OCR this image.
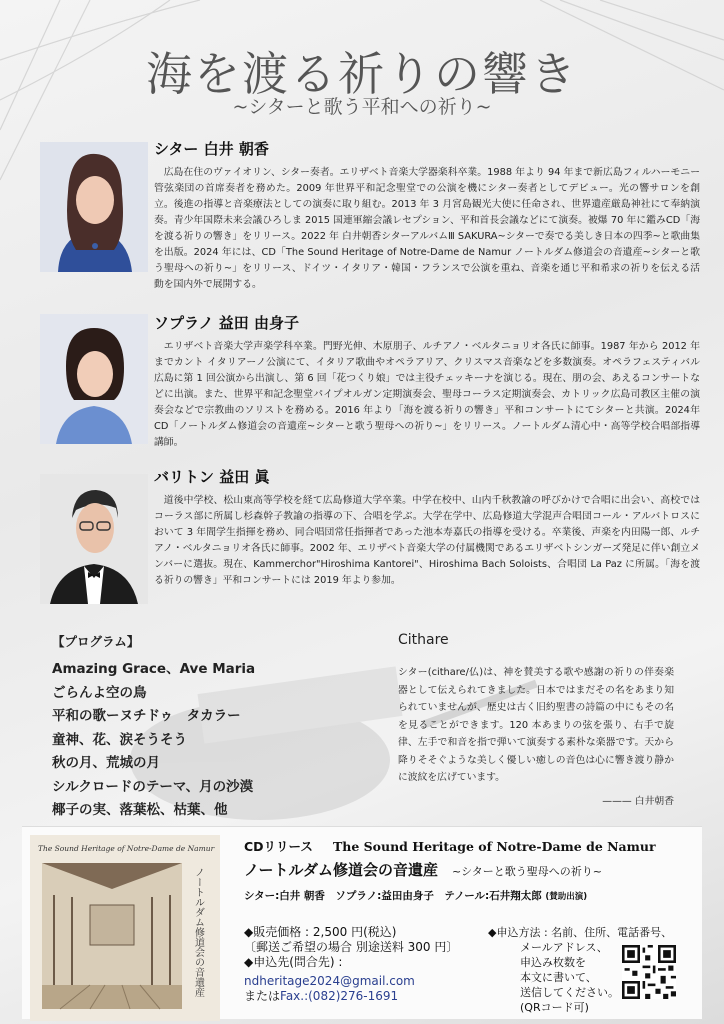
海を渡る祈りの響き
~シターと歌う平和への祈り~
シター 白井 朝香

広島在住のヴァイオリン、シター奏者。エリザベト音楽大学器楽科卒業。1988 年より 94 年まで新広島フィルハーモニー管弦楽団の首席奏者を務めた。2009 年世界平和記念聖堂での公演を機にシター奏者としてデビュー。光の響サロンを創立。後進の指導と音楽療法としての演奏に取り組む。2013 年 3 月宮島観光大使に任命され、世界遺産厳島神社にて奉納演奏。青少年国際未来会議ひろしま 2015 国連軍縮会議レセプション、平和首長会議などにて演奏。被爆 70 年に鑑みCD「海を渡る祈りの響き」をリリース。2022 年 白井朝香シターアルバムⅢ SAKURA~シターで奏でる美しき日本の四季~と歌曲集を出版。2024 年には、CD「The Sound Heritage of Notre-Dame de Namur ノートルダム修道会の音遺産~シターと歌う聖母への祈り~」をリリース、ドイツ・イタリア・韓国・フランスで公演を重ね、音楽を通じ平和希求の祈りを伝える活動を国内外で展開する。

ソプラノ 益田 由身子

エリザベト音楽大学声楽学科卒業。門野光伸、木原朋子、ルチアノ・ベルタニョリオ各氏に師事。1987 年から 2012 年までカント イタリアーノ公演にて、イタリア歌曲やオペラアリア、クリスマス音楽などを多数演奏。オペラフェスティバル広島に第 1 回公演から出演し、第 6 回「花つくり娘」では主役チェッキーナを演じる。現在、朋の会、あえるコンサートなどに出演。また、世界平和記念聖堂パイプオルガン定期演奏会、聖母コーラス定期演奏会、カトリック広島司教区主催の演奏会などで宗教曲のソリストを務める。2016 年より「海を渡る祈りの響き」平和コンサートにてシターと共演。2024年CD「ノートルダム修道会の音遺産~シターと歌う聖母への祈り~」をリリース。ノートルダム清心中・高等学校合唱部指導講師。

バリトン 益田 眞

道後中学校、松山東高等学校を経て広島修道大学卒業。中学在校中、山内千秋教諭の呼びかけで合唱に出会い、高校ではコーラス部に所属し杉森幹子教諭の指導の下、合唱を学ぶ。大学在学中、広島修道大学混声合唱団コール・アルバトロスにおいて 3 年間学生指揮を務め、同合唱団常任指揮者であった池本寿嘉氏の指導を受ける。卒業後、声楽を内田陽一郎、ルチアノ・ベルタニョリオ各氏に師事。2002 年、エリザベト音楽大学の付属機関であるエリザベトシンガーズ発足に伴い創立メンバーに選抜。現在、Kammerchor"Hiroshima Kantorei"、Hiroshima Bach Soloists、合唱団 La Paz に所属。「海を渡る祈りの響き」平和コンサートには 2019 年より参加。

【プログラム】
Amazing Grace、Ave Maria
ごらんよ空の鳥
平和の歌ーヌチドゥ　タカラー
童神、花、涙そうそう
秋の月、荒城の月
シルクロードのテーマ、月の沙漠
椰子の実、落葉松、枯葉、他
Cithare

シター(cithare/仏)は、神を賛美する歌や感謝の祈りの伴奏楽器として伝えられてきました。日本ではまだその名をあまり知られていませんが、歴史は古く旧約聖書の詩篇の中にもその名を見ることができます。120 本あまりの弦を張り、右手で旋律、左手で和音を指で弾いて演奏する素朴な楽器です。天から降りそそぐような美しく優しい癒しの音色は心に響き渡り静かに波紋を広げています。

——— 白井朝香
The Sound Heritage of Notre-Dame de Namur
ノートルダム修道会の音遺産
CDリリース The Sound Heritage of Notre-Dame de Namur
ノートルダム修道会の音遺産 ~シターと歌う聖母への祈り~
シター:白井 朝香　ソプラノ:益田由身子　テノール:石井翔太郎 (賛助出演)
◆販売価格 : 2,500 円(税込)
〔郵送ご希望の場合 別途送料 300 円〕
◆申込先(問合先) :
ndheritage2024@gmail.com
またはFax.:(082)276-1691
◆申込方法 : 名前、住所、電話番号、
メールアドレス、
申込み枚数を
本文に書いて、
送信してください。
(QRコード可)
